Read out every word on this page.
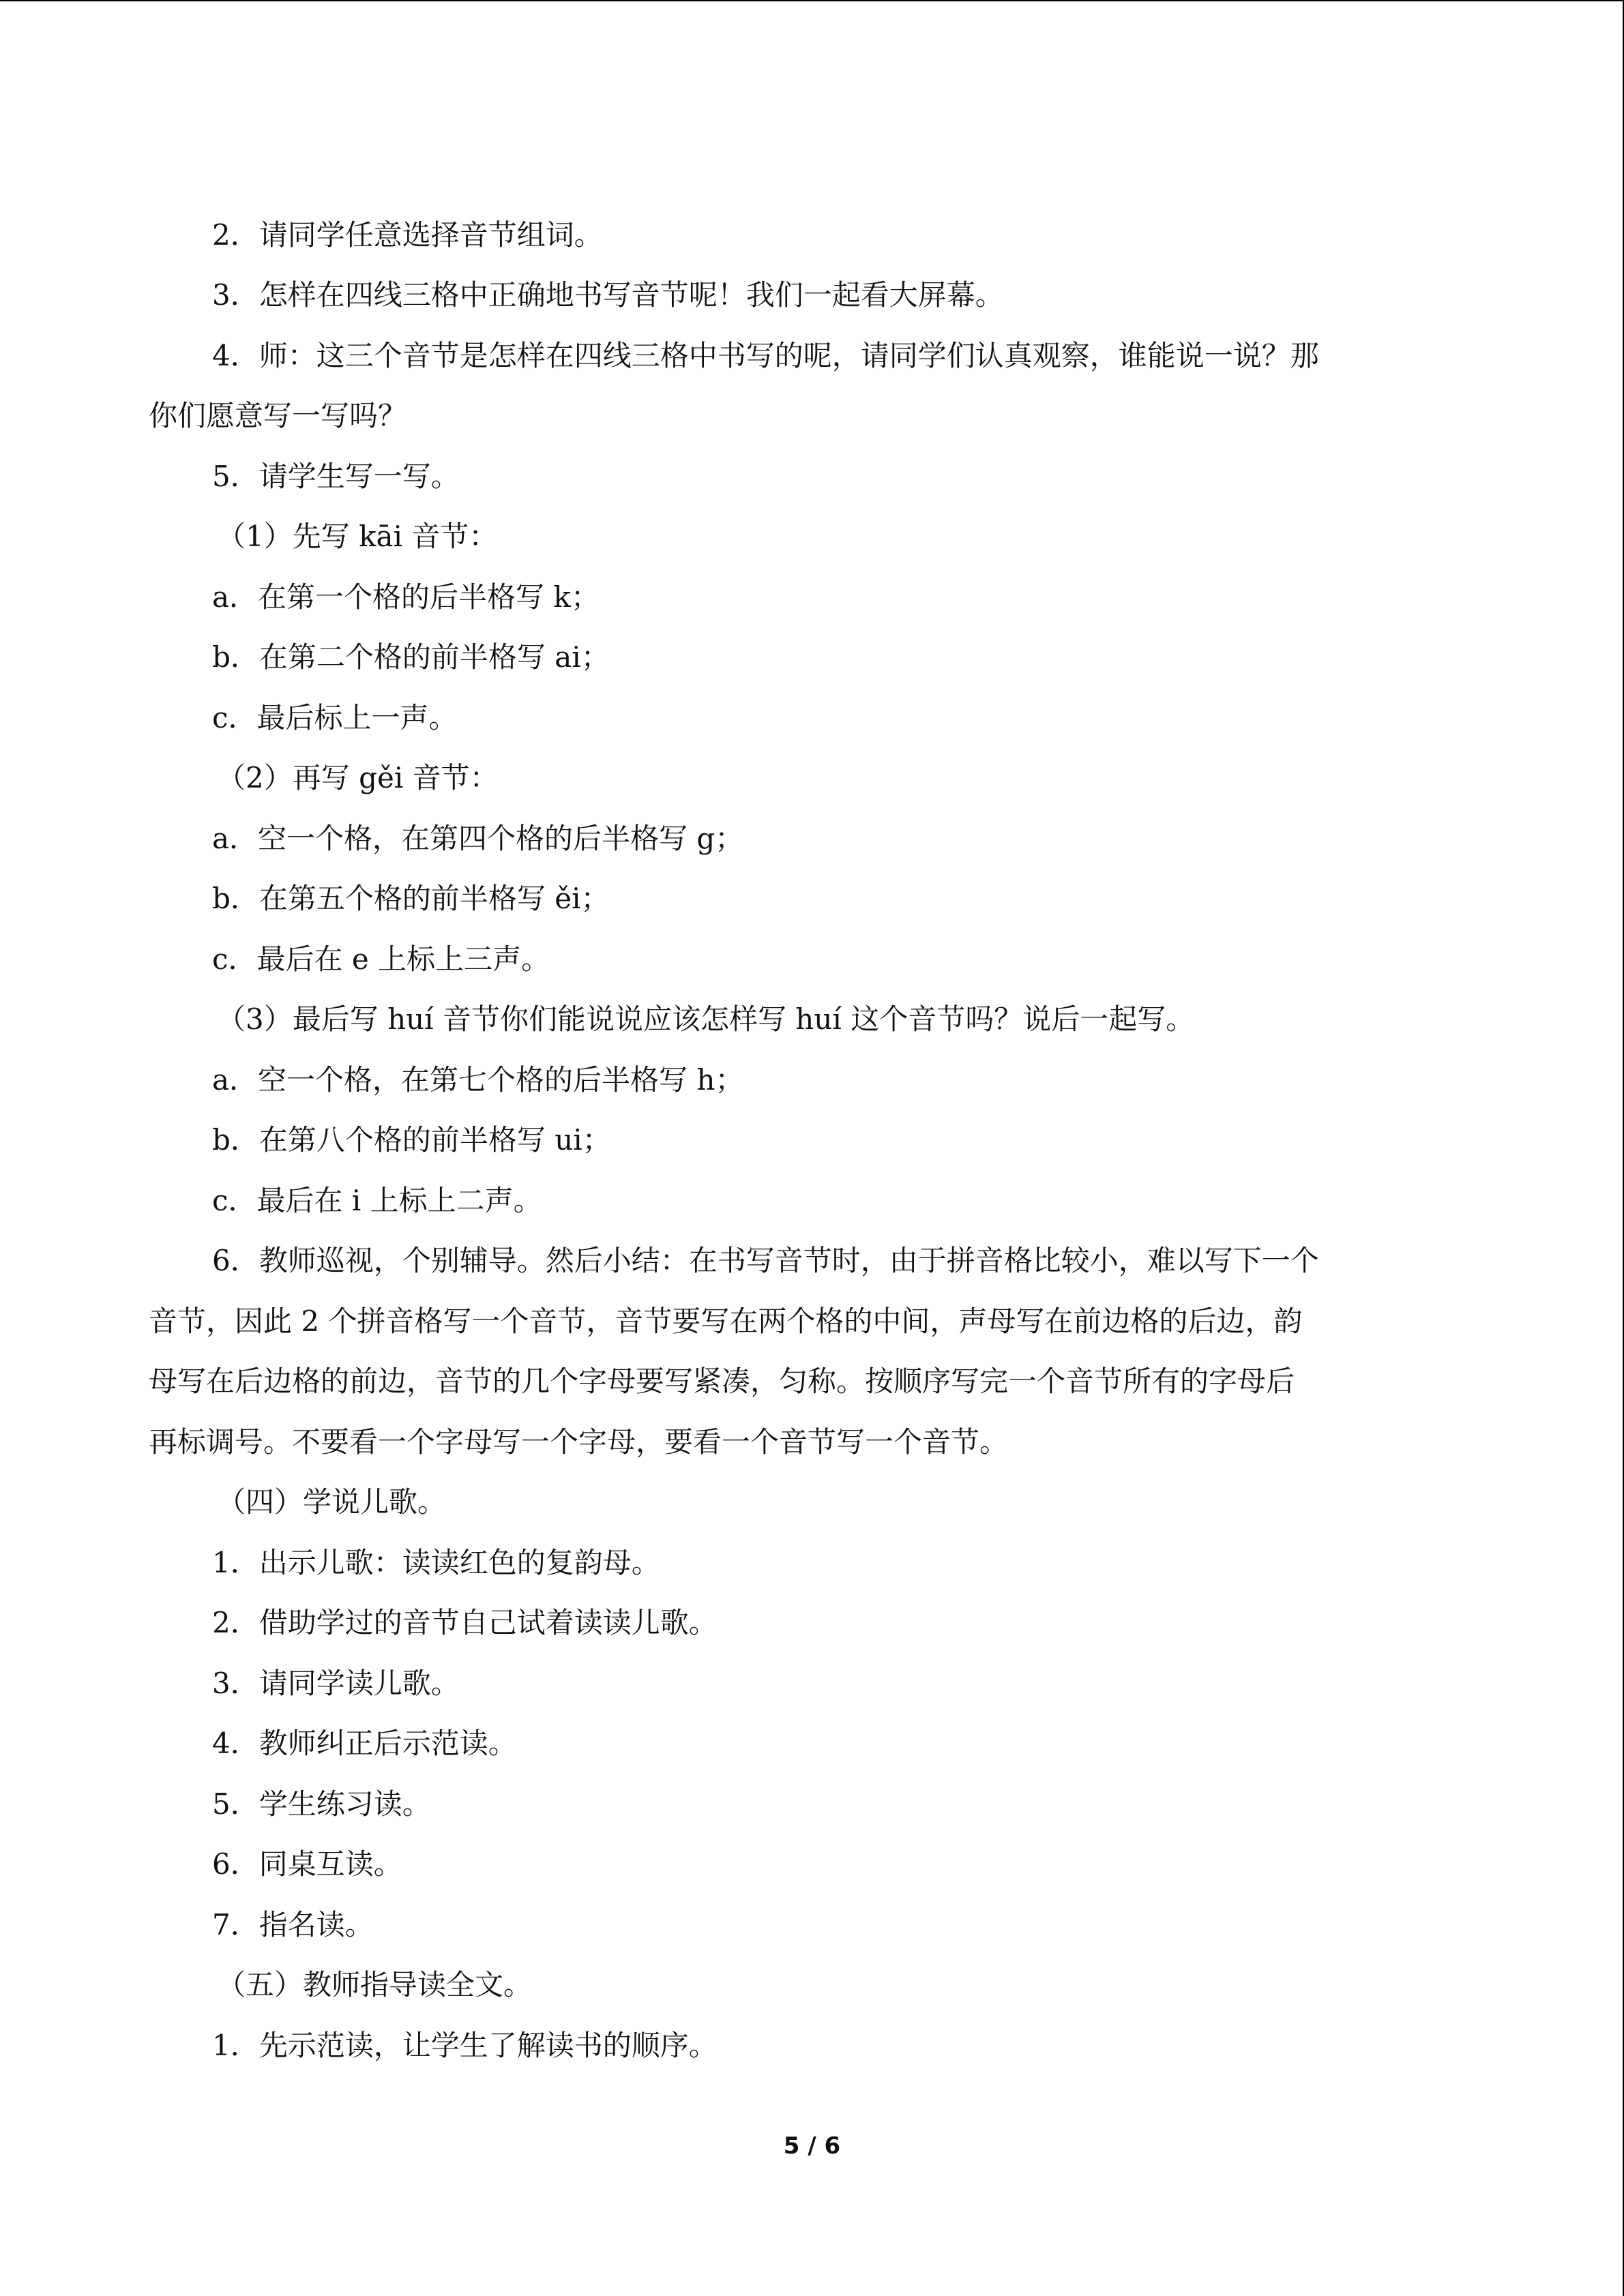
2．请同学任意选择音节组词。

3．怎样在四线三格中正确地书写音节呢！我们一起看大屏幕。

4．师：这三个音节是怎样在四线三格中书写的呢，请同学们认真观察，谁能说一说？那

你们愿意写一写吗？

5．请学生写一写。

（1）先写 kāi 音节：

a．在第一个格的后半格写 k；

b．在第二个格的前半格写 ai；

c．最后标上一声。

（2）再写 gěi 音节：

a．空一个格，在第四个格的后半格写 g；

b．在第五个格的前半格写 ěi；

c．最后在 e 上标上三声。

（3）最后写 huí 音节你们能说说应该怎样写 huí 这个音节吗？说后一起写。

a．空一个格，在第七个格的后半格写 h；

b．在第八个格的前半格写 ui；

c．最后在 i 上标上二声。

6．教师巡视，个别辅导。然后小结：在书写音节时，由于拼音格比较小，难以写下一个

音节，因此 2 个拼音格写一个音节，音节要写在两个格的中间，声母写在前边格的后边，韵

母写在后边格的前边，音节的几个字母要写紧凑，匀称。按顺序写完一个音节所有的字母后

再标调号。不要看一个字母写一个字母，要看一个音节写一个音节。

（四）学说儿歌。

1．出示儿歌：读读红色的复韵母。

2．借助学过的音节自己试着读读儿歌。

3．请同学读儿歌。

4．教师纠正后示范读。

5．学生练习读。

6．同桌互读。

7．指名读。

（五）教师指导读全文。

1．先示范读，让学生了解读书的顺序。

5 / 6
